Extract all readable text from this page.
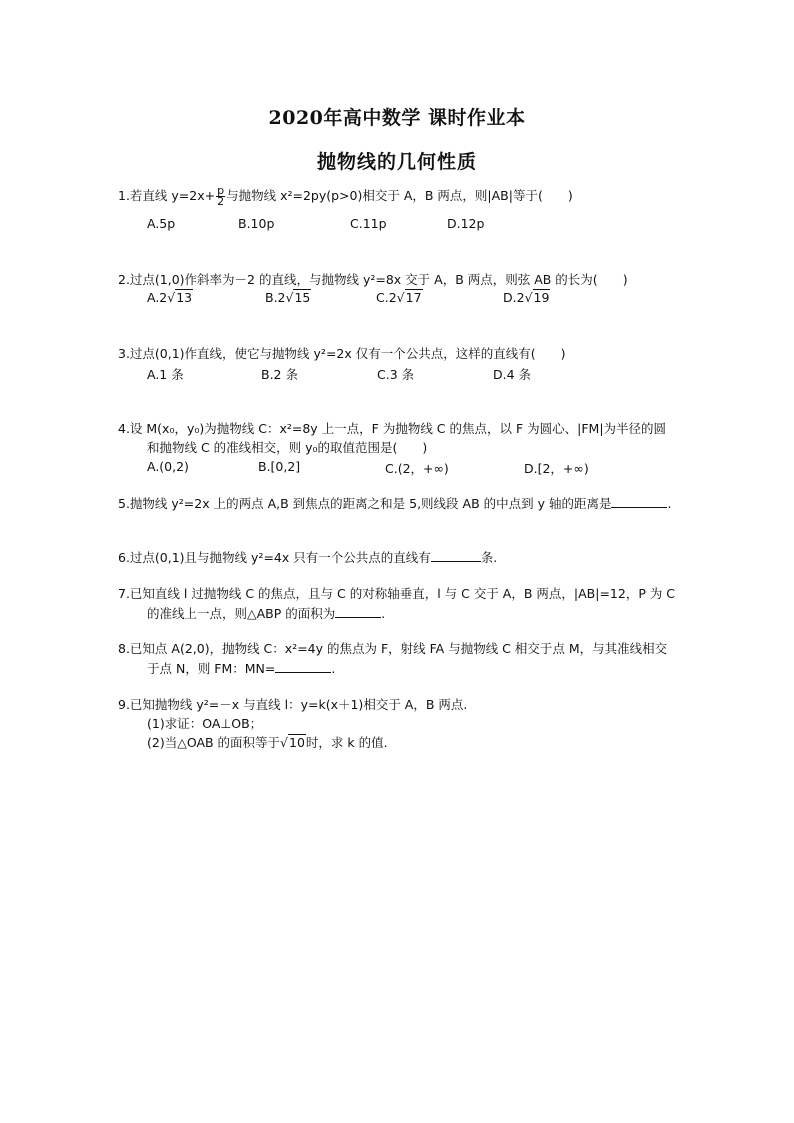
2020年高中数学 课时作业本
抛物线的几何性质
1.若直线 $y=2x+ \frac{p}{2}$ 与抛物线 x²=2py(p>0)相交于 A，B 两点，则|AB|等于(　　)
A.5p	B.10p	C.11p	D.12p
2.过点(1,0)作斜率为－2 的直线，与抛物线 y²=8x 交于 A，B 两点，则弦 AB 的长为(　　)
A.2√13	B.2√15	C.2√17	D.2√19
3.过点(0,1)作直线，使它与抛物线 y²=2x 仅有一个公共点，这样的直线有(　　)
A.1 条	B.2 条	C.3 条	D.4 条
4.设 M(x₀，y₀)为抛物线 C：x²=8y 上一点，F 为抛物线 C 的焦点，以 F 为圆心、|FM|为半径的圆
和抛物线 C 的准线相交，则 y₀的取值范围是(　　)
A.(0,2)	B.[0,2]	C.(2，+∞)	D.[2，+∞)
5.抛物线 y²=2x 上的两点 A,B 到焦点的距离之和是 5,则线段 AB 的中点到 y 轴的距离是	.
6.过点(0,1)且与抛物线 y²=4x 只有一个公共点的直线有	条.
7.已知直线 l 过抛物线 C 的焦点，且与 C 的对称轴垂直，l 与 C 交于 A，B 两点，|AB|=12，P 为 C
的准线上一点，则△ABP 的面积为	.
8.已知点 A(2,0)，抛物线 C：x²=4y 的焦点为 F，射线 FA 与抛物线 C 相交于点 M，与其准线相交
于点 N，则 FM：MN=	.
9.已知抛物线 y²=－x 与直线 l：y=k(x＋1)相交于 A，B 两点.
(1)求证：OA⊥OB；
(2)当△OAB 的面积等于√10时，求 k 的值.
